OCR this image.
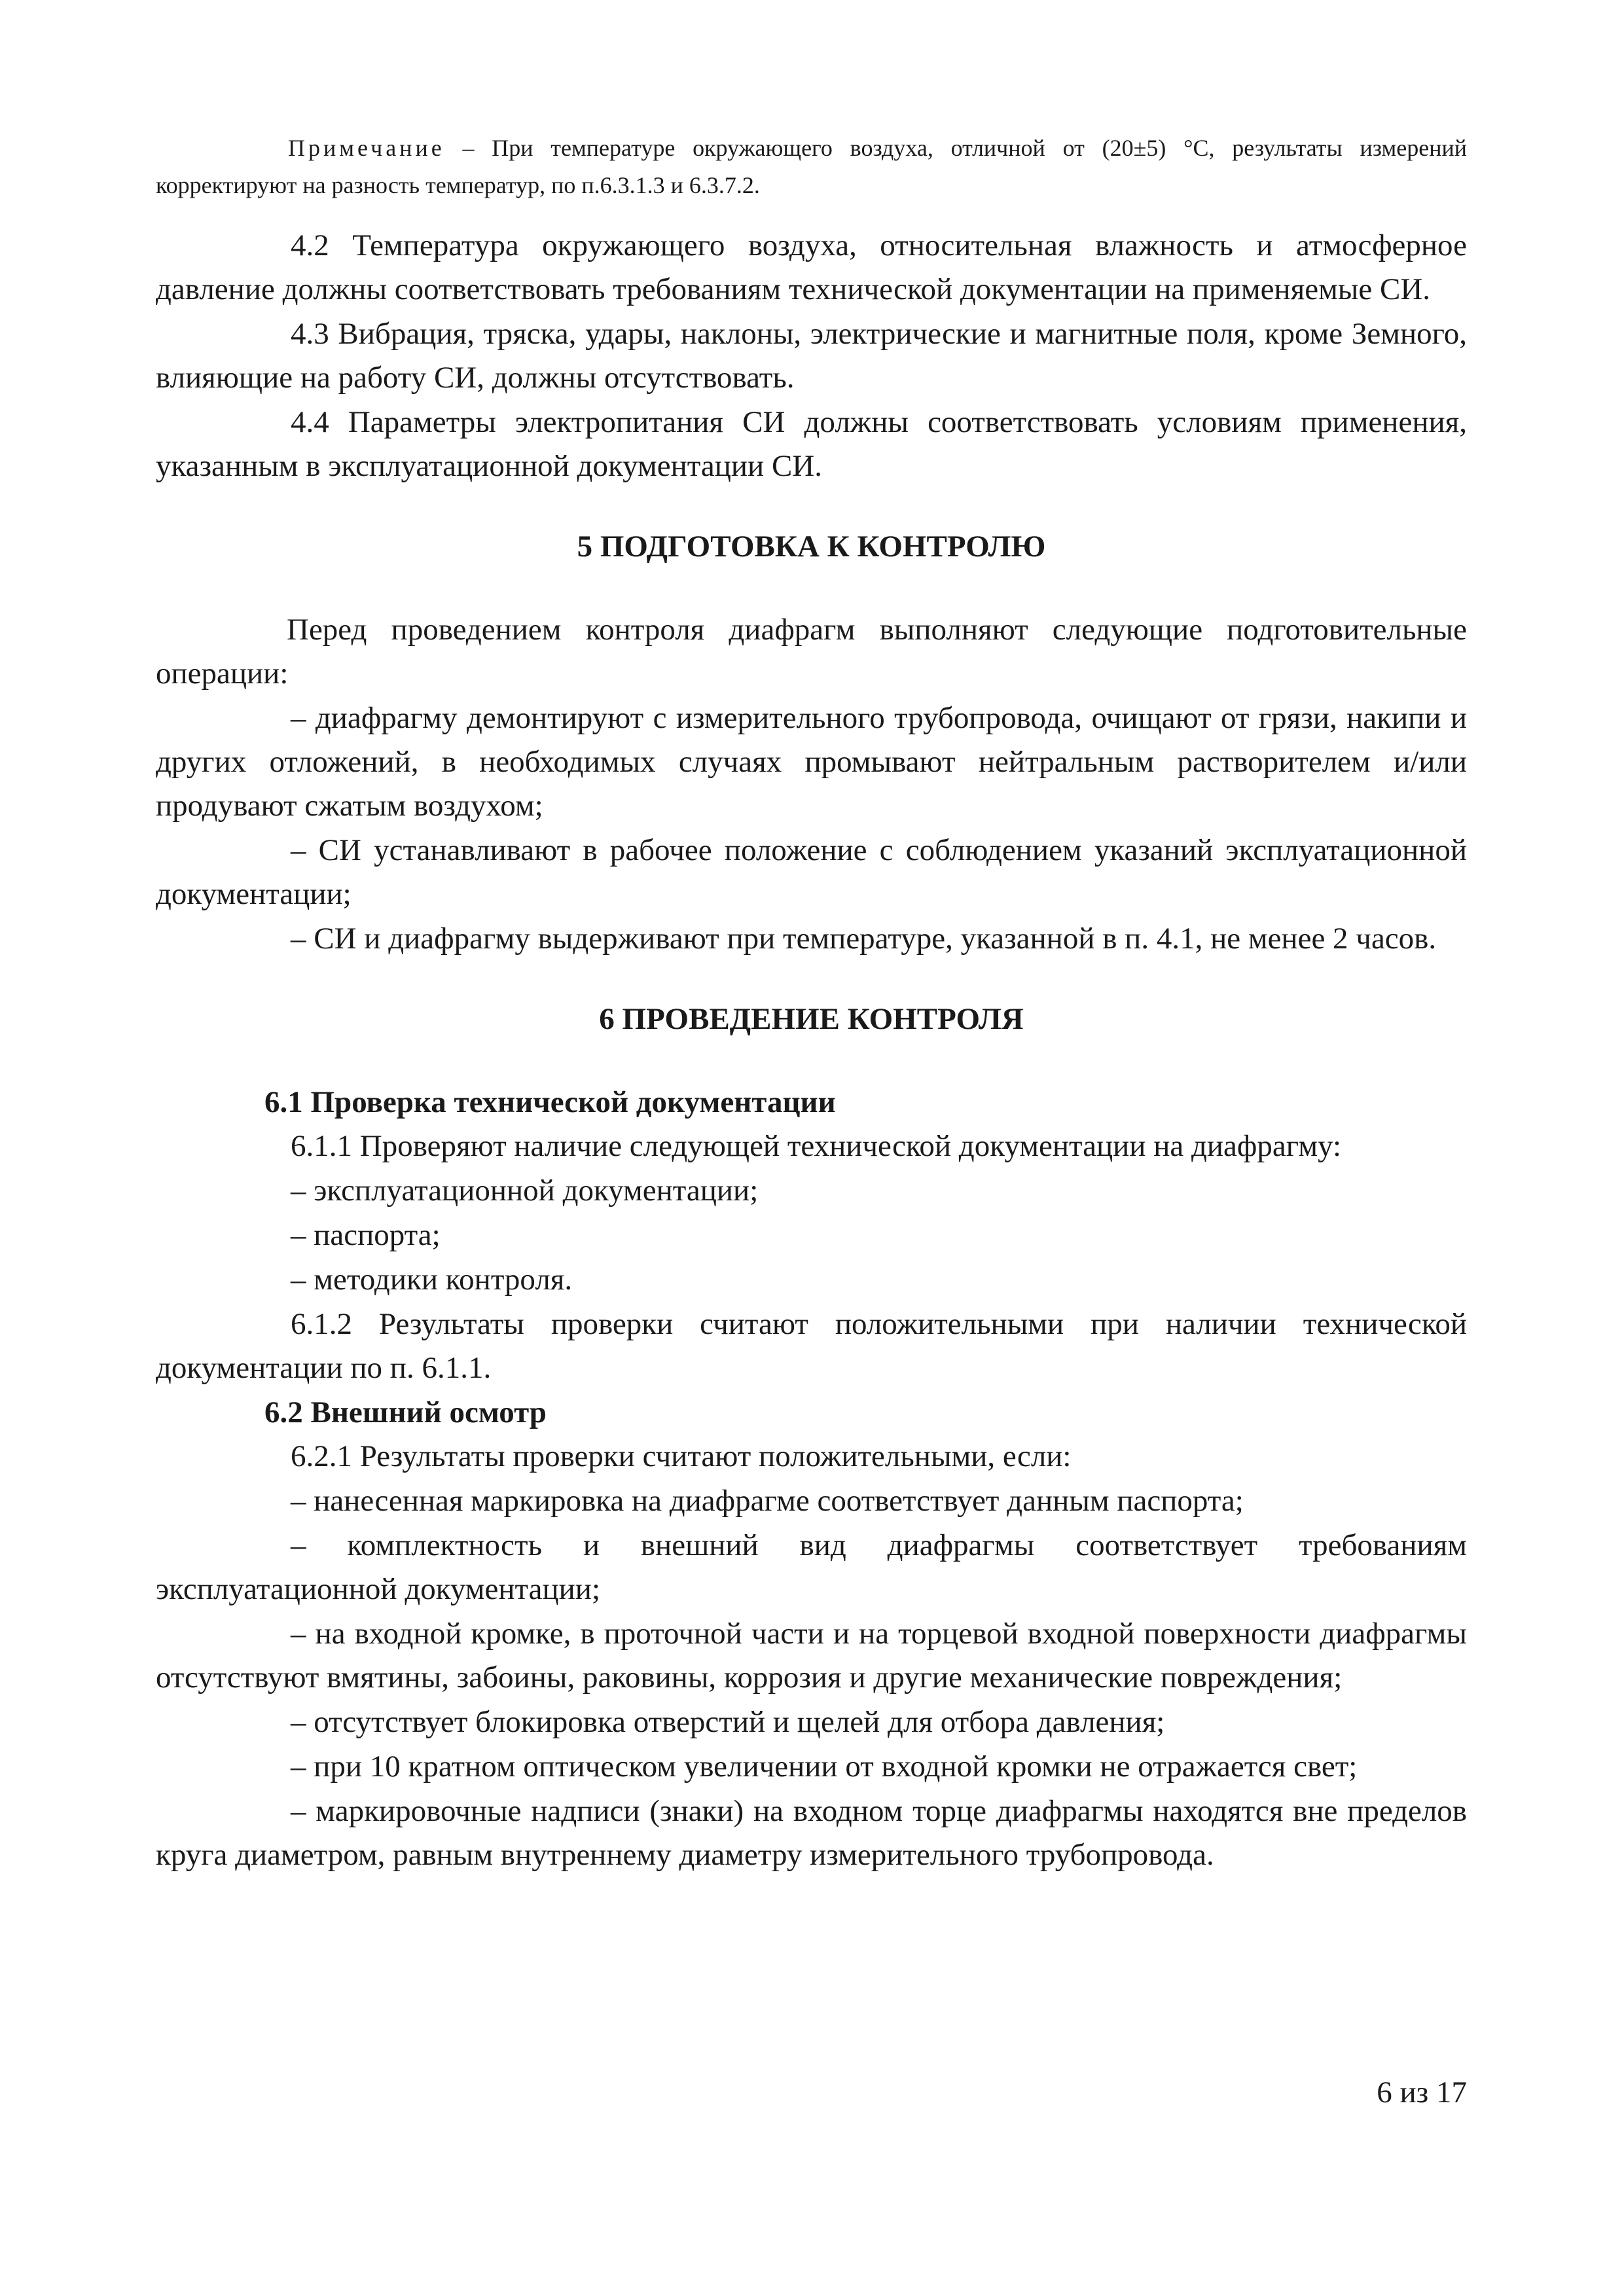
Примечание – При температуре окружающего воздуха, отличной от (20±5) °С, результаты измерений корректируют на разность температур, по п.6.3.1.3 и 6.3.7.2.

4.2 Температура окружающего воздуха, относительная влажность и атмосферное давление должны соответствовать требованиям технической документации на применяемые СИ.

4.3 Вибрация, тряска, удары, наклоны, электрические и магнитные поля, кроме Земного, влияющие на работу СИ, должны отсутствовать.

4.4 Параметры электропитания СИ должны соответствовать условиям применения, указанным в эксплуатационной документации СИ.

5 ПОДГОТОВКА К КОНТРОЛЮ

Перед проведением контроля диафрагм выполняют следующие подготовительные операции:

– диафрагму демонтируют с измерительного трубопровода, очищают от грязи, накипи и других отложений, в необходимых случаях промывают нейтральным растворителем и/или продувают сжатым воздухом;

– СИ устанавливают в рабочее положение с соблюдением указаний эксплуатационной документации;

– СИ и диафрагму выдерживают при температуре, указанной в п. 4.1, не менее 2 часов.

6 ПРОВЕДЕНИЕ КОНТРОЛЯ
6.1 Проверка технической документации

6.1.1 Проверяют наличие следующей технической документации на диафрагму:

– эксплуатационной документации;

– паспорта;

– методики контроля.

6.1.2 Результаты проверки считают положительными при наличии технической документации по п. 6.1.1.

6.2 Внешний осмотр

6.2.1 Результаты проверки считают положительными, если:

– нанесенная маркировка на диафрагме соответствует данным паспорта;

– комплектность и внешний вид диафрагмы соответствует требованиям эксплуатационной документации;

– на входной кромке, в проточной части и на торцевой входной поверхности диафрагмы отсутствуют вмятины, забоины, раковины, коррозия и другие механические повреждения;

– отсутствует блокировка отверстий и щелей для отбора давления;

– при 10 кратном оптическом увеличении от входной кромки не отражается свет;

– маркировочные надписи (знаки) на входном торце диафрагмы находятся вне пределов круга диаметром, равным внутреннему диаметру измерительного трубопровода.

6 из 17
